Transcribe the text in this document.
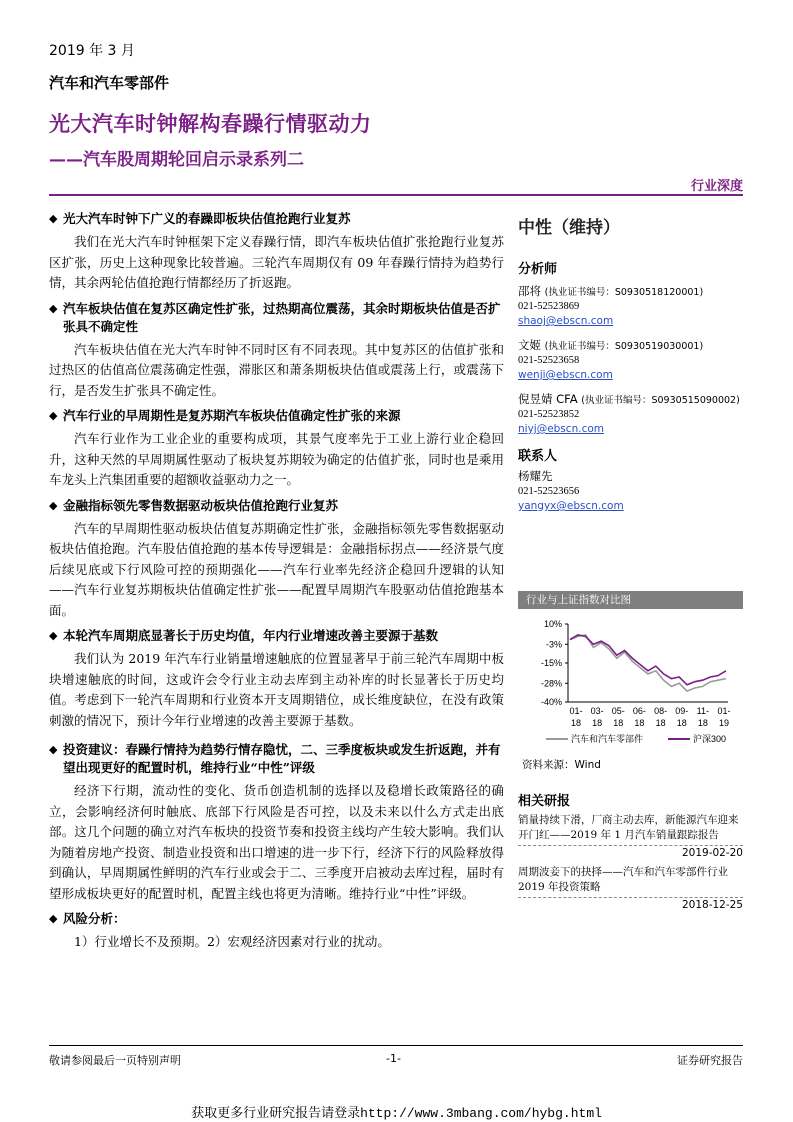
2019 年 3 月
汽车和汽车零部件
光大汽车时钟解构春躁行情驱动力
——汽车股周期轮回启示录系列二
行业深度
◆ 光大汽车时钟下广义的春躁即板块估值抢跑行业复苏
我们在光大汽车时钟框架下定义春躁行情，即汽车板块估值扩张抢跑行业复苏区扩张，历史上这种现象比较普遍。三轮汽车周期仅有 09 年春躁行情持为趋势行情，其余两轮估值抢跑行情都经历了折返跑。
◆ 汽车板块估值在复苏区确定性扩张，过热期高位震荡，其余时期板块估值是否扩张具不确定性
汽车板块估值在光大汽车时钟不同时区有不同表现。其中复苏区的估值扩张和过热区的估值高位震荡确定性强，滞胀区和萧条期板块估值或震荡上行，或震荡下行，是否发生扩张具不确定性。
◆ 汽车行业的早周期性是复苏期汽车板块估值确定性扩张的来源
汽车行业作为工业企业的重要构成项，其景气度率先于工业上游行业企稳回升，这种天然的早周期属性驱动了板块复苏期较为确定的估值扩张，同时也是乘用车龙头上汽集团重要的超额收益驱动力之一。
◆ 金融指标领先零售数据驱动板块估值抢跑行业复苏
汽车的早周期性驱动板块估值复苏期确定性扩张，金融指标领先零售数据驱动板块估值抢跑。汽车股估值抢跑的基本传导逻辑是：金融指标拐点——经济景气度后续见底或下行风险可控的预期强化——汽车行业率先经济企稳回升逻辑的认知——汽车行业复苏期板块估值确定性扩张——配置早周期汽车股驱动估值抢跑基本面。
◆ 本轮汽车周期底显著长于历史均值，年内行业增速改善主要源于基数
我们认为 2019 年汽车行业销量增速触底的位置显著早于前三轮汽车周期中板块增速触底的时间，这或许会令行业主动去库到主动补库的时长显著长于历史均值。考虑到下一轮汽车周期和行业资本开支周期错位，成长维度缺位，在没有政策刺激的情况下，预计今年行业增速的改善主要源于基数。
◆ 投资建议：春躁行情持为趋势行情存隐忧，二、三季度板块或发生折返跑，并有望出现更好的配置时机，维持行业“中性”评级
经济下行期，流动性的变化、货币创造机制的选择以及稳增长政策路径的确立，会影响经济何时触底、底部下行风险是否可控，以及未来以什么方式走出底部。这几个问题的确立对汽车板块的投资节奏和投资主线均产生较大影响。我们认为随着房地产投资、制造业投资和出口增速的进一步下行，经济下行的风险释放得到确认，早周期属性鲜明的汽车行业或会于二、三季度开启被动去库过程，届时有望形成板块更好的配置时机，配置主线也将更为清晰。维持行业“中性”评级。
◆ 风险分析：
1）行业增长不及预期。2）宏观经济因素对行业的扰动。
中性（维持）
分析师
邵将 (执业证书编号：S0930518120001)
021-52523869
shaoj@ebscn.com
文姬 (执业证书编号：S0930519030001)
021-52523658
wenji@ebscn.com
倪昱婧 CFA (执业证书编号：S0930515090002)
021-52523852
niyj@ebscn.com
联系人
杨耀先
021-52523656
yangyx@ebscn.com
行业与上证指数对比图
10%
-3%
-15%
-28%
-40%
01-
18
03-
18
05-
18
06-
18
08-
18
09-
18
11-
18
01-
19
汽车和汽车零部件	沪深300
资料来源：Wind
相关研报
销量持续下滑，厂商主动去库，新能源汽车迎来开门红——2019 年 1 月汽车销量跟踪报告
2019-02-20
周期波妾下的抉择——汽车和汽车零部件行业 2019 年投资策略
2018-12-25
敬请参阅最后一页特别声明	-1-	证券研究报告
获取更多行业研究报告请登录http://www.3mbang.com/hybg.html
